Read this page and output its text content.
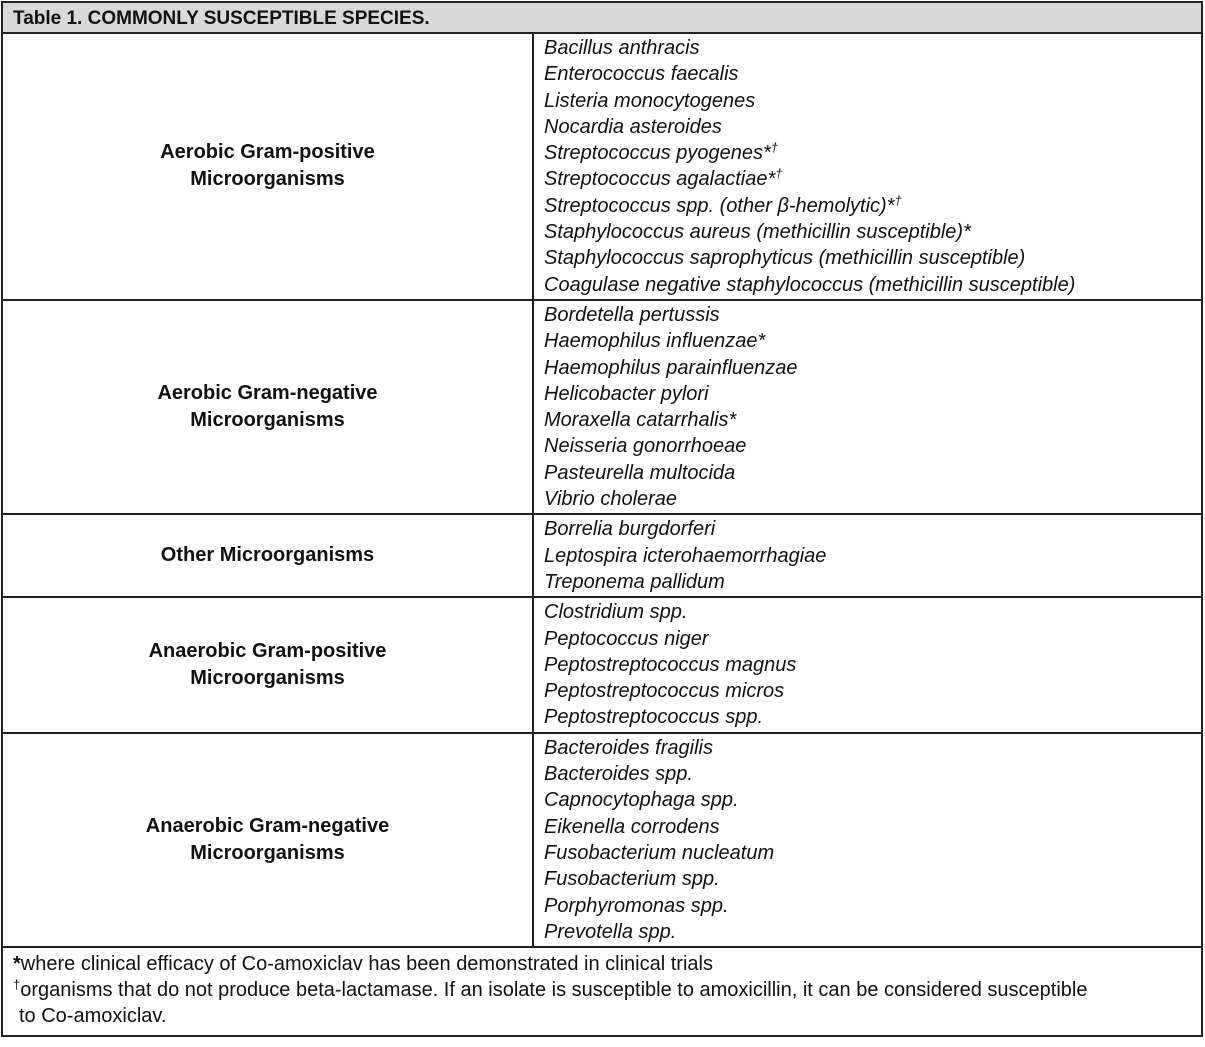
Table 1. COMMONLY SUSCEPTIBLE SPECIES.
Aerobic Gram-positive
Microorganisms
Bacillus anthracis
Enterococcus faecalis
Listeria monocytogenes
Nocardia asteroides
Streptococcus pyogenes*†
Streptococcus agalactiae*†
Streptococcus spp. (other β-hemolytic)*†
Staphylococcus aureus (methicillin susceptible)*
Staphylococcus saprophyticus (methicillin susceptible)
Coagulase negative staphylococcus (methicillin susceptible)
Aerobic Gram-negative
Microorganisms
Bordetella pertussis
Haemophilus influenzae*
Haemophilus parainfluenzae
Helicobacter pylori
Moraxella catarrhalis*
Neisseria gonorrhoeae
Pasteurella multocida
Vibrio cholerae
Other Microorganisms
Borrelia burgdorferi
Leptospira icterohaemorrhagiae
Treponema pallidum
Anaerobic Gram-positive
Microorganisms
Clostridium spp.
Peptococcus niger
Peptostreptococcus magnus
Peptostreptococcus micros
Peptostreptococcus spp.
Anaerobic Gram-negative
Microorganisms
Bacteroides fragilis
Bacteroides spp.
Capnocytophaga spp.
Eikenella corrodens
Fusobacterium nucleatum
Fusobacterium spp.
Porphyromonas spp.
Prevotella spp.
*where clinical efficacy of Co-amoxiclav has been demonstrated in clinical trials
†organisms that do not produce beta-lactamase. If an isolate is susceptible to amoxicillin, it can be considered susceptible
to Co-amoxiclav.
